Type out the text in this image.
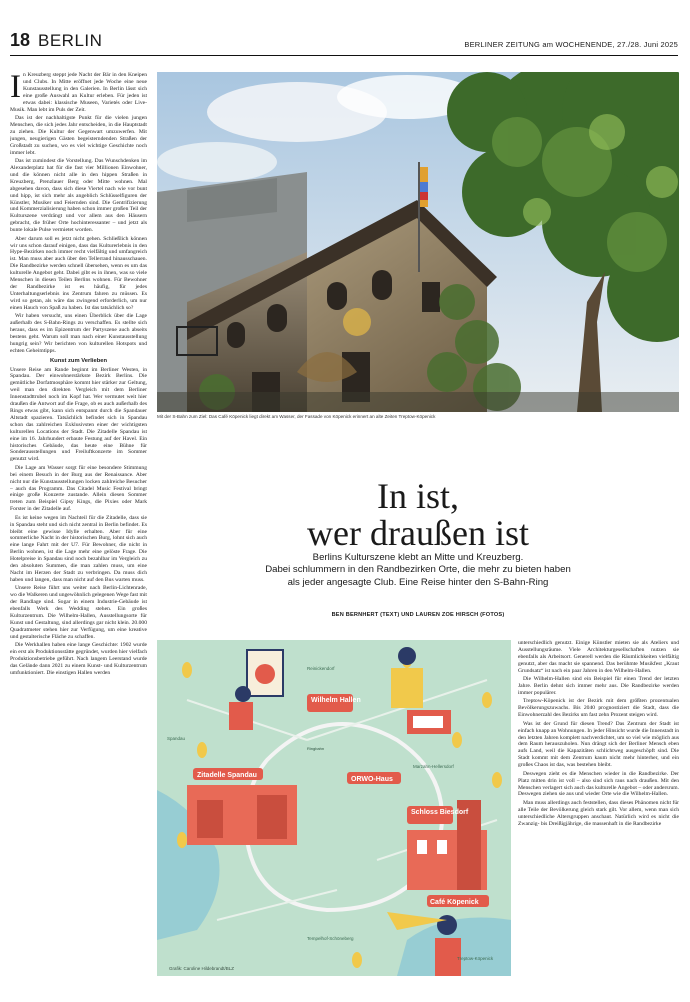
18 BERLIN	BERLINER ZEITUNG am WOCHENENDE, 27./28. Juni 2025

In Kreuzberg steppt jede Nacht der Bär in den Kneipen und Clubs. In Mitte eröffnet jede Woche eine neue Kunstausstellung in den Galerien. In Berlin lässt sich eine große Auswahl an Kultur erleben. Für jeden ist etwas dabei: klassische Museen, Varietés oder Live-Musik. Man lebt im Puls der Zeit.

Das ist der nachhaltigste Punkt für die vielen jungen Menschen, die sich jedes Jahr entscheiden, in die Hauptstadt zu ziehen. Die Kultur der Gegenwart umzuwerfen. Mit jungen, neugierigen Gästen begeisterndenden Straßen der Großstadt zu suchen, wo es viel wichtige Geschichte noch immer lebt.

Das ist zumindest die Vorstellung. Das Wunschdenken im Alexanderplatz hat für die fast vier Millionen Einwohner, und die können nicht alle in den hippen Straßen in Kreuzberg, Prenzlauer Berg oder Mitte wohnen. Mal abgesehen davon, dass sich diese Viertel nach wie vor bunt und hipp, ist sich mehr als angeblich Schlüsselfiguren der Künstler, Musiker und Feiernden sind. Die Gentrifizierung und Kommerzialisierung haben schon immer großen Teil der Kulturszene verdrängt und vor allem aus den Häusern gebracht, die früher Orte hochinteressanter – und jetzt als bunte lokale Pulse vermietet worden.

Aber darum soll es jetzt nicht gehen. Schließlich können wir uns schon darauf einigen, dass das Kulturerlebnis in den Hype-Bezirken noch immer recht vielfältig und umfangreich ist. Man muss aber auch über den Tellerrand hinausschauen. Die Randbezirke werden schnell übersehen, wenn es um das kulturelle Angebot geht. Dabei gibt es in ihnen, was so viele Menschen in diesen Teilen Berlins wohnen. Für Bewohner der Randbezirke ist es häufig, für jedes Unterhaltungserlebnis ins Zentrum fahren zu müssen. Es wird so getan, als wäre das zwingend erforderlich, um nur einen Hauch von Spaß zu haben. Ist das tatsächlich so?

Wir haben versucht, uns einen Überblick über die Lage außerhalb des S-Bahn-Rings zu verschaffen. Es stellte sich heraus, dass es im Epizentrum der Partyszene auch abseits bestens geht. Warum soll man nach einer Kunstausstellung hungrig sein? Wir berichten von kulturellen Hotspots und echten Geheimtipps.

Kunst zum Verlieben

Unsere Reise am Rande beginnt im Berliner Westen, in Spandau. Der einwohnerstärkste Bezirk Berlins. Die gemütliche Dorfatmosphäre kommt hier stärker zur Geltung, weil man den direkten Vergleich mit dem Berliner Innenstadttrubel noch im Kopf hat. Wer vermutet weit hier draußen die Antwort auf die Frage, ob es auch außerhalb des Rings etwas gibt, kann sich entspannt durch die Spandauer Altstadt spazieren. Tatsächlich befindet sich in Spandau schon das zahlreichen Exklusivsten einer der wichtigsten kulturellen Locations der Stadt. Die Zitadelle Spandau ist eine im 16. Jahrhundert erbaute Festung auf der Havel. Ein historisches Gebäude, das heute eine Bühne für Sonderausstellungen und Freiluftkonzerte im Sommer genutzt wird.

Die Lage am Wasser sorgt für eine besondere Stimmung bei einem Besuch in der Burg aus der Renaissance. Aber nicht nur die Kunstausstellungen locken zahlreiche Besucher – auch das Programm. Das Citadel Music Festival bringt einige große Konzerte zustande. Allein diesen Sommer treten zum Beispiel Gipsy Kings, die Pixies oder Mark Forster in der Zitadelle auf.

Es ist keine wegen im Nachteil für die Zitadelle, dass sie in Spandau steht und sich nicht zentral in Berlin befindet. Es bleibt eine gewisse Idylle erhalten. Aber für eine sommerliche Nacht in der historischen Burg, lohnt sich auch eine lange Fahrt mit der U7. Für Bewohner, die nicht in Berlin wohnen, ist die Lage mehr eine gelöste Frage. Die Hotelpreise in Spandau sind noch bezahlbar im Vergleich zu den absoluten Summen, die man zahlen muss, um eine Nacht im Herzen der Stadt zu verbringen. Da muss dich haben und langen, dass man nicht auf den Bus warten muss.

Unsere Reise führt uns weiter nach Berlin-Lichtenrade, wo die Walkeren und ungewöhnlich gelegenen Wege fast mit der Randlage sind. Sogar in einem Industrie-Gebäude ist ebenfalls Werk des Wedding stehen. Ein großes Kulturzentrum. Die Wilhelm-Hallen, Ausstellungsorte für Kunst und Gestaltung, sind allerdings gar nicht klein. 20.000 Quadratmeter stehen hier zur Verfügung, um eine kreative und gestalterische Fläche zu schaffen.

Die Werkhallen haben eine lange Geschichte: 1902 wurde ein erst als Produktionsstätte gegründet, wurden hier vielfach Produktionsbetriebe geführt. Nach langem Leerstand wurde das Gelände dann 2021 zu einem Kunst- und Kulturzentrum umfunktioniert. Die einstigen Hallen werden

Mit der S-Bahn zum Ziel: Das Café Köpenick liegt direkt am Wasser, der Fassade von Köpenick erinnert an alte Zeiten Treptow-Köpenick
In ist,
wer draußen ist
Berlins Kulturszene klebt an Mitte und Kreuzberg.
Dabei schlummern in den Randbezirken Orte, die mehr zu bieten haben
als jeder angesagte Club. Eine Reise hinter den S-Bahn-Ring
BEN BERNHERT (TEXT) UND LAUREN ZOE HIRSCH (FOTOS)
Ringbahn
Wilhelm Hallen
Zitadelle Spandau
ORWO-Haus
Schloss Biesdorf
Café Köpenick
Reinickendorf
Spandau
Marzahn-Hellersdorf
Tempelhof-Schöneberg
Treptow-Köpenick
Grafik: Caroline Hildebrandt/BLZ

unterschiedlich genutzt. Einige Künstler mieten sie als Ateliers und Ausstellungsräume. Viele Architekturgesellschaften nutzen sie ebenfalls als Arbeitsort. Generell werden die Räumlichkeiten vielfältig genutzt, aber das macht sie spannend. Das berühmte Musikfest „Kraut Grundsatz“ ist nach ein paar Jahren in den Wilhelm-Hallen.

Die Wilhelm-Hallen sind ein Beispiel für einen Trend der letzten Jahre. Berlin dehnt sich immer mehr aus. Die Randbezirke werden immer populärer.

Treptow-Köpenick ist der Bezirk mit dem größten prozentualen Bevölkerungszuwachs. Bis 2040 prognostiziert die Stadt, dass die Einwohnerzahl des Bezirks um fast zehn Prozent steigen wird.

Was ist der Grund für diesen Trend? Das Zentrum der Stadt ist einfach knapp an Wohnungen. In jeder Hinsicht wurde die Innenstadt in den letzten Jahren komplett nachverdichtet, um so viel wie möglich aus dem Raum herauszuholen. Nun drängt sich der Berliner Mensch eben aufs Land, weil die Kapazitäten schlichtweg ausgeschöpft sind. Die Stadt kommt mit dem Zentrum kaum nicht mehr hinterher, und ein großes Chaos ist das, was bestehen bleibt.

Deswegen zieht es die Menschen wieder in die Randbezirke. Der Platz mitten drin ist voll – also sind sich raus nach draußen. Mit den Menschen verlagert sich auch das kulturelle Angebot – oder andersrum. Deswegen ziehen sie aus und wieder Orte wie die Wilhelm-Hallen.

Man muss allerdings auch feststellen, dass dieses Phänomen nicht für alle Teile der Bevölkerung gleich stark gilt. Vor allem, wenn man sich unterschiedliche Altersgruppen anschaut. Natürlich wird es nicht die Zwanzig- bis Dreißigjährige, die massenhaft in die Randbezirke
